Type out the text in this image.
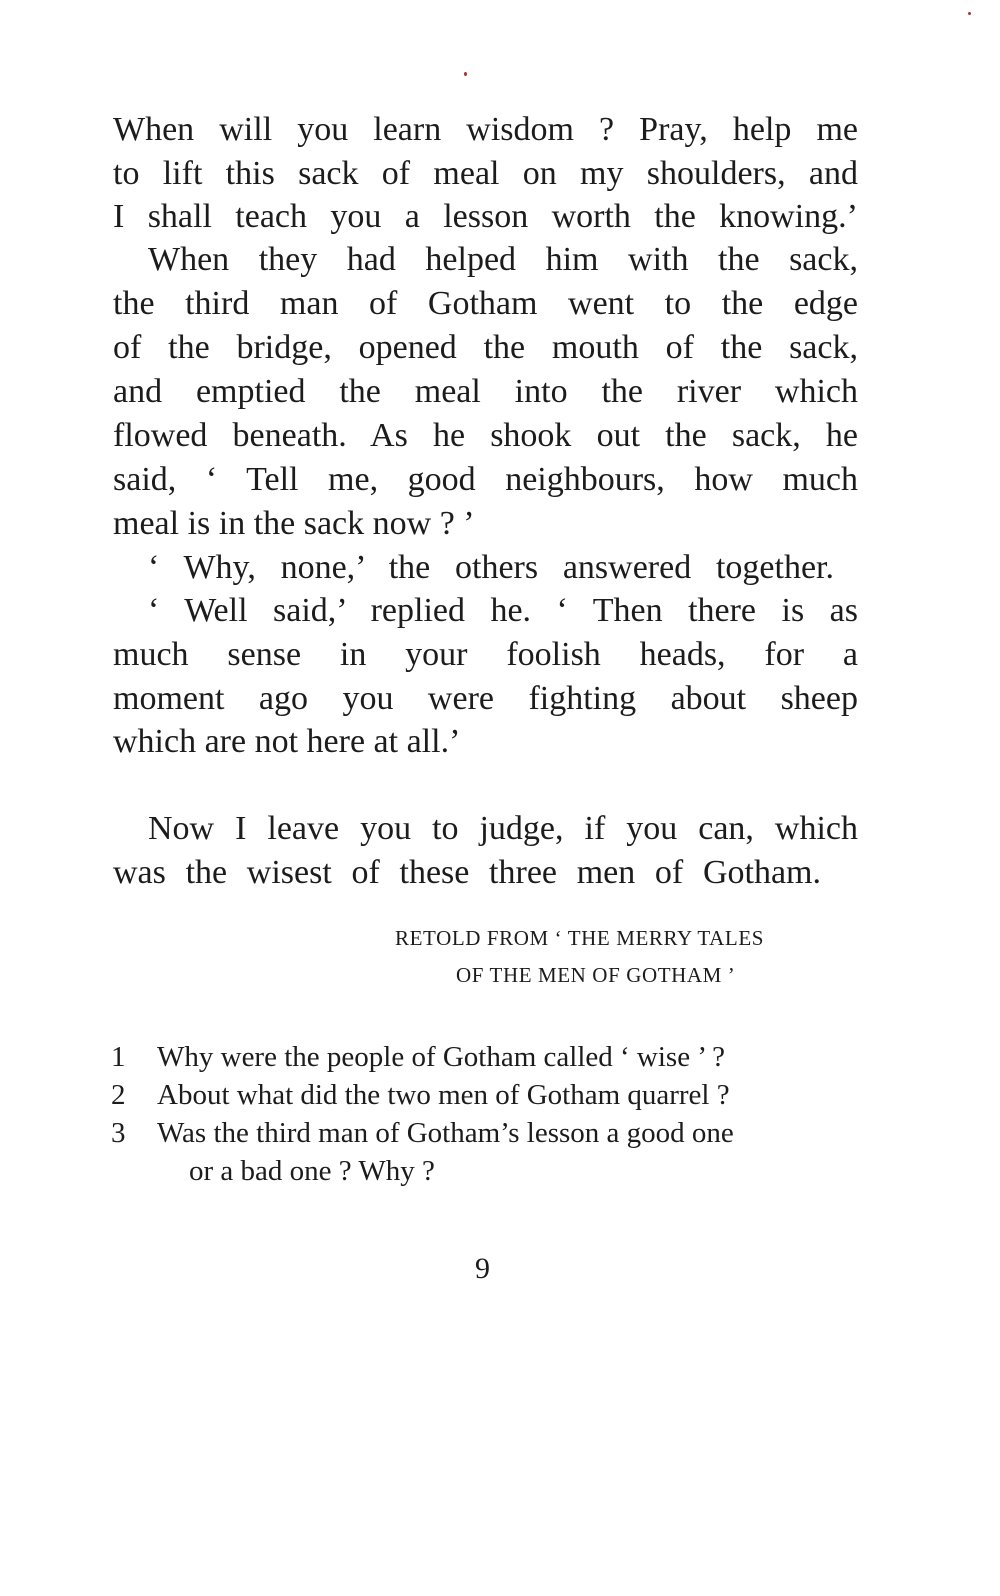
When will you learn wisdom ? Pray, help me
to lift this sack of meal on my shoulders, and
I shall teach you a lesson worth the knowing.’
When they had helped him with the sack,
the third man of Gotham went to the edge
of the bridge, opened the mouth of the sack,
and emptied the meal into the river which
flowed beneath. As he shook out the sack, he
said, ‘ Tell me, good neighbours, how much
meal is in the sack now ? ’
‘ Why, none,’ the others answered together.
‘ Well said,’ replied he. ‘ Then there is as
much sense in your foolish heads, for a
moment ago you were fighting about sheep
which are not here at all.’
Now I leave you to judge, if you can, which
was the wisest of these three men of Gotham.
RETOLD FROM ‘ THE MERRY TALES
OF THE MEN OF GOTHAM ’
1 Why were the people of Gotham called ‘ wise ’ ?
2 About what did the two men of Gotham quarrel ?
3 Was the third man of Gotham’s lesson a good one
or a bad one ? Why ?
9
